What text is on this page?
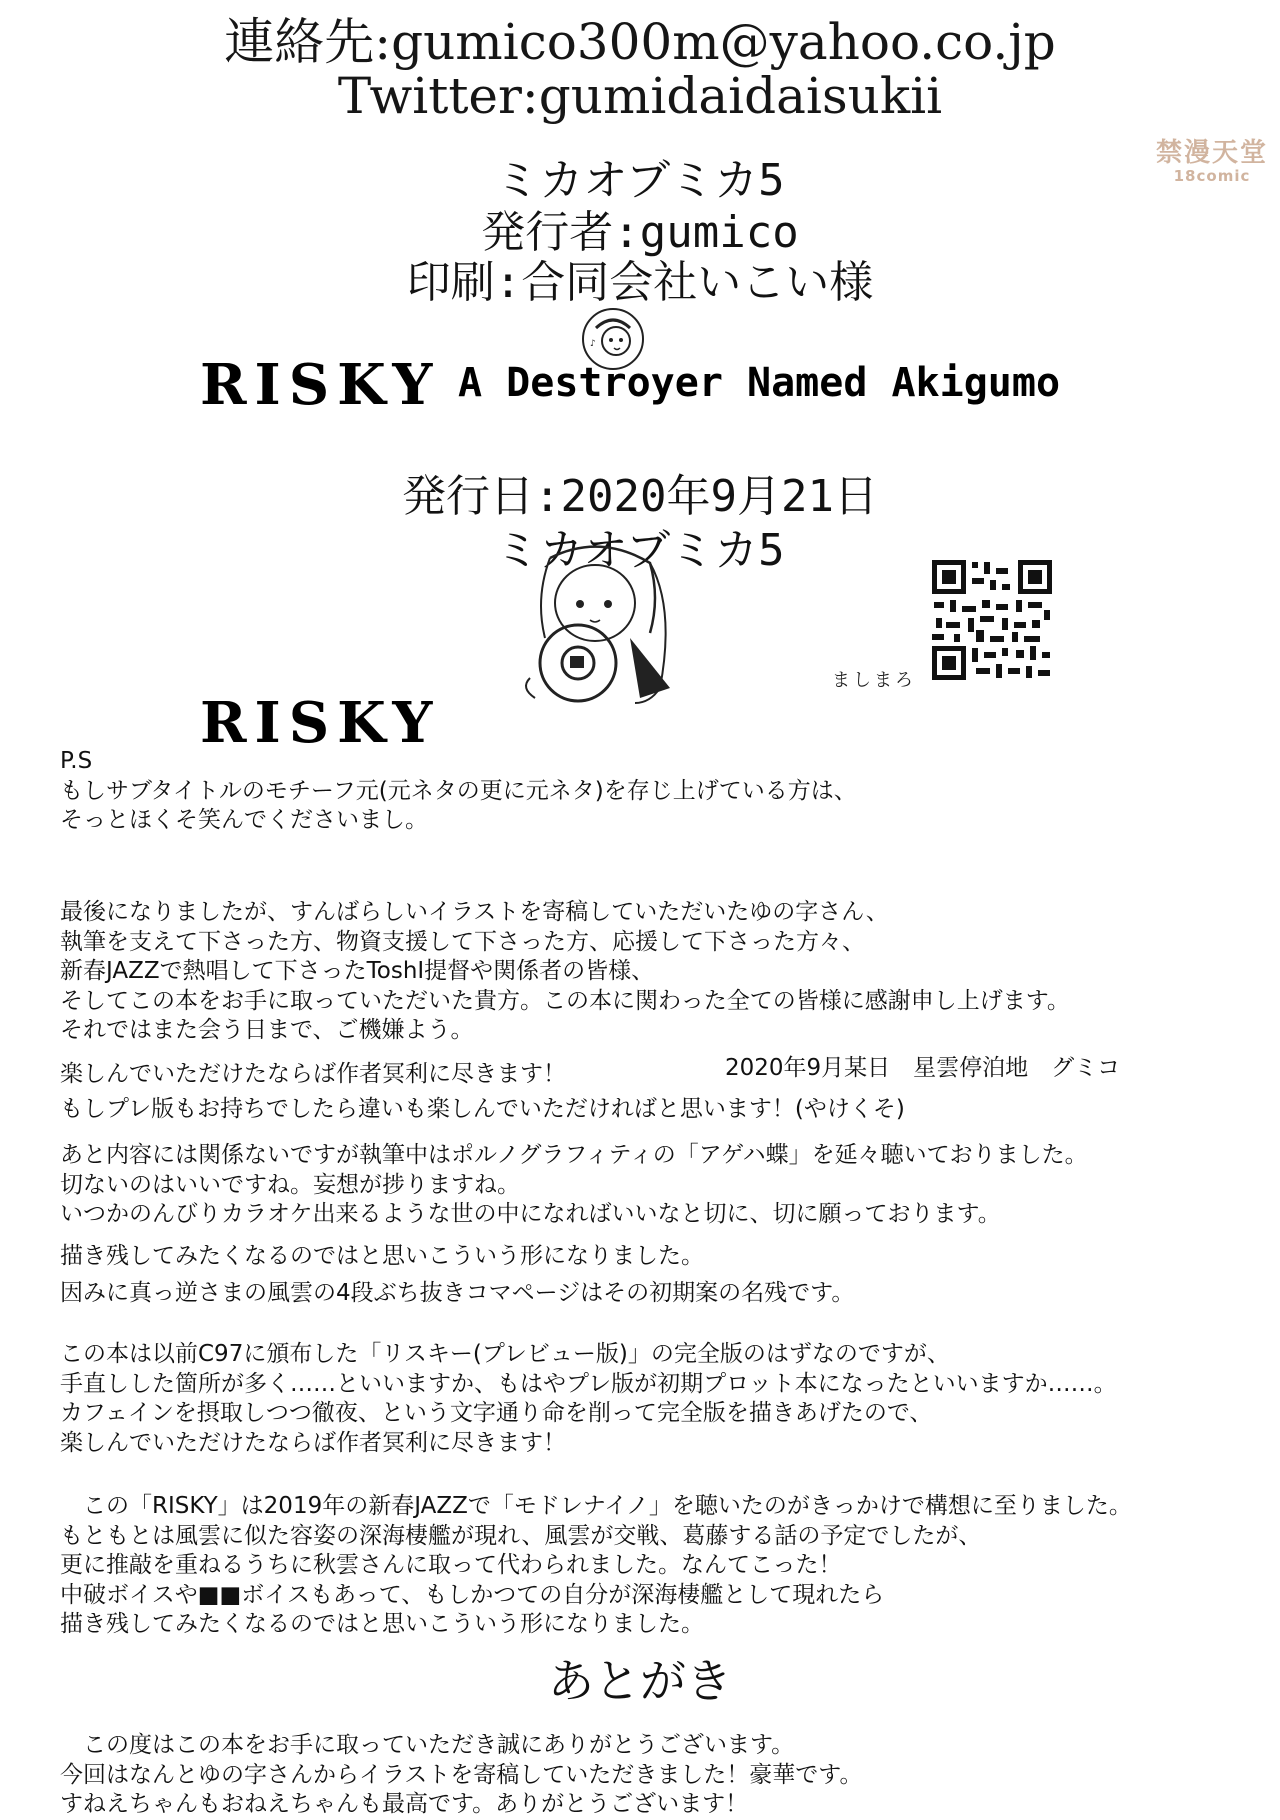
連絡先:gumico300m@yahoo.co.jp
Twitter:gumidaidaisukii
禁漫天堂
18comic
ミカオブミカ5
発行者:gumico
印刷:合同会社いこい様
♪
RISKY A Destroyer Named Akigumo
発行日:2020年9月21日
ミカオブミカ5
ましまろ
RISKY
P.S
もしサブタイトルのモチーフ元(元ネタの更に元ネタ)を存じ上げている方は、
そっとほくそ笑んでくださいまし。
最後になりましたが、すんばらしいイラストを寄稿していただいたゆの字さん、
執筆を支えて下さった方、物資支援して下さった方、応援して下さった方々、
新春JAZZで熱唱して下さったToshI提督や関係者の皆様、
そしてこの本をお手に取っていただいた貴方。この本に関わった全ての皆様に感謝申し上げます。
それではまた会う日まで、ご機嫌よう。
2020年9月某日　星雲停泊地　グミコ
楽しんでいただけたならば作者冥利に尽きます！
もしプレ版もお持ちでしたら違いも楽しんでいただければと思います！(やけくそ)
あと内容には関係ないですが執筆中はポルノグラフィティの「アゲハ蝶」を延々聴いておりました。
切ないのはいいですね。妄想が捗りますね。
いつかのんびりカラオケ出来るような世の中になればいいなと切に、切に願っております。
描き残してみたくなるのではと思いこういう形になりました。
因みに真っ逆さまの風雲の4段ぶち抜きコマページはその初期案の名残です。
この本は以前C97に頒布した「リスキー(プレビュー版)」の完全版のはずなのですが、
手直しした箇所が多く……といいますか、もはやプレ版が初期プロット本になったといいますか……。
カフェインを摂取しつつ徹夜、という文字通り命を削って完全版を描きあげたので、
楽しんでいただけたならば作者冥利に尽きます！
　この「RISKY」は2019年の新春JAZZで「モドレナイノ」を聴いたのがきっかけで構想に至りました。
もともとは風雲に似た容姿の深海棲艦が現れ、風雲が交戦、葛藤する話の予定でしたが、
更に推敲を重ねるうちに秋雲さんに取って代わられました。なんてこった！
中破ボイスや■■ボイスもあって、もしかつての自分が深海棲艦として現れたら
描き残してみたくなるのではと思いこういう形になりました。
あとがき
　この度はこの本をお手に取っていただき誠にありがとうございます。
今回はなんとゆの字さんからイラストを寄稿していただきました！豪華です。
すねえちゃんもおねえちゃんも最高です。ありがとうございます！
